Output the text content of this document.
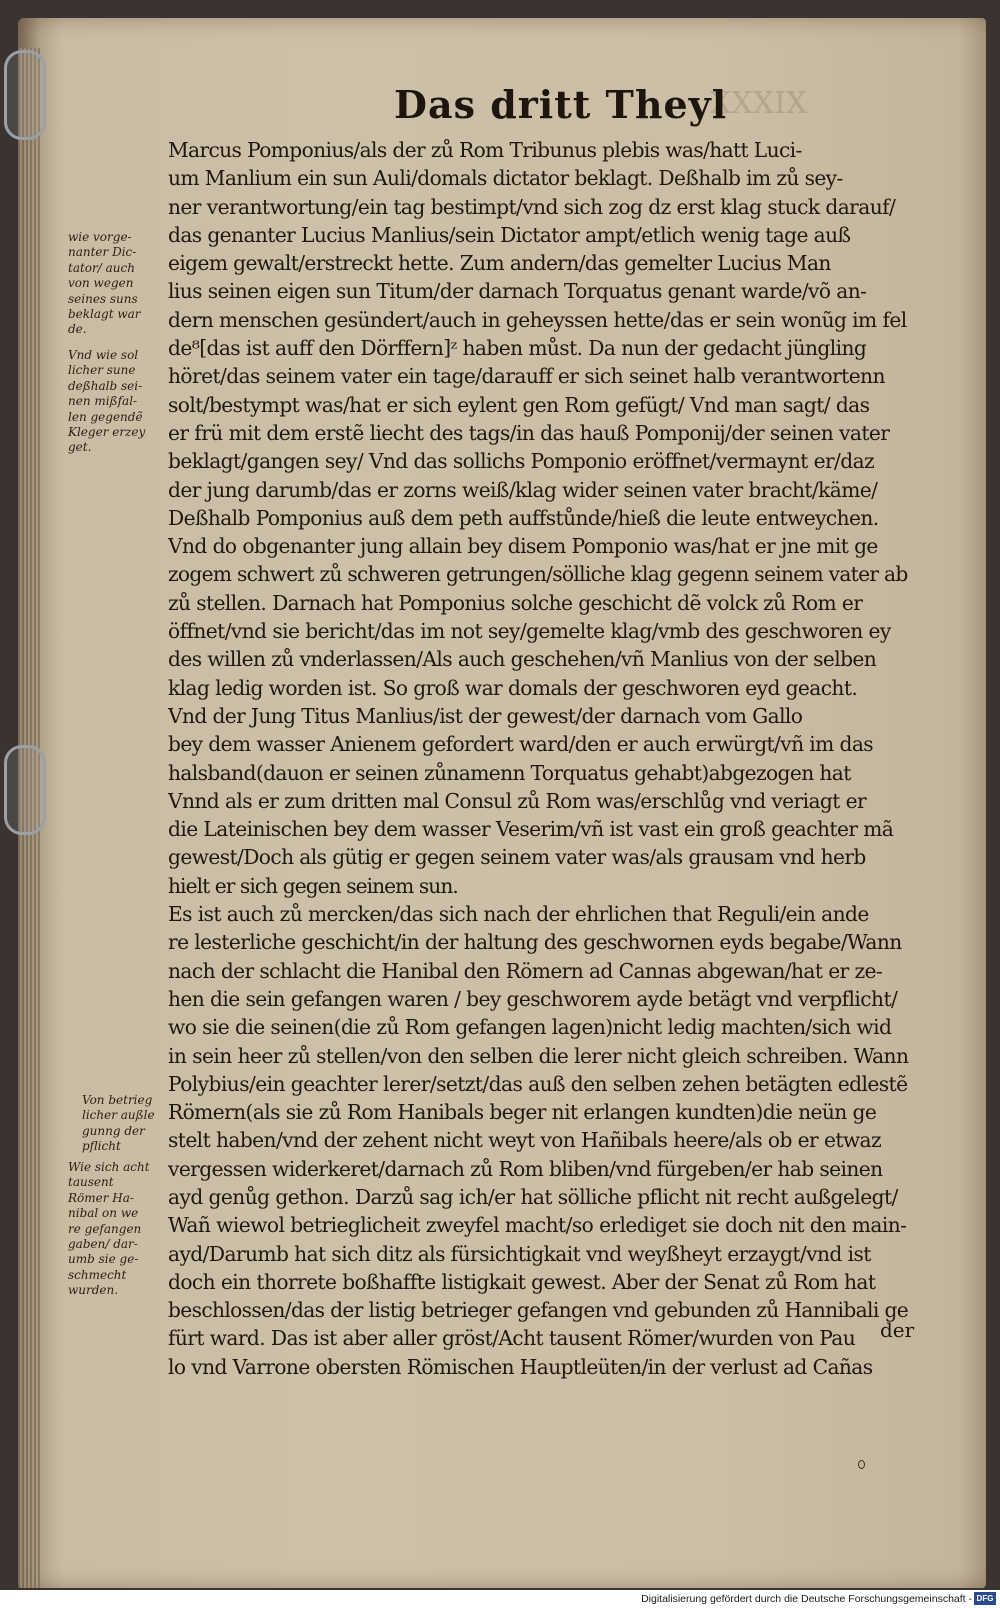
XXXIX
Das dritt Theyl
Marcus Pomponius/als der zů Rom Tribunus plebis was/hatt Luci-
um Manlium ein sun Auli/domals dictator beklagt. Deßhalb im zů sey-
ner verantwortung/ein tag bestimpt/vnd sich zog dz erst klag stuck darauf/
das genanter Lucius Manlius/sein Dictator ampt/etlich wenig tage auß
eigem gewalt/erstreckt hette. Zum andern/das gemelter Lucius Man
lius seinen eigen sun Titum/der darnach Torquatus genant warde/võ an-
dern menschen gesündert/auch in geheyssen hette/das er sein wonũg im fel
de⁸[das ist auff den Dörffern]ᶻ haben můst. Da nun der gedacht jüngling
höret/das seinem vater ein tage/darauff er sich seinet halb verantwortenn
solt/bestympt was/hat er sich eylent gen Rom gefügt/ Vnd man sagt/ das
er frü mit dem erstẽ liecht des tags/in das hauß Pomponij/der seinen vater
beklagt/gangen sey/ Vnd das sollichs Pomponio eröffnet/vermaynt er/daz
der jung darumb/das er zorns weiß/klag wider seinen vater bracht/käme/
Deßhalb Pomponius auß dem peth auffstůnde/hieß die leute entweychen.
Vnd do obgenanter jung allain bey disem Pomponio was/hat er jne mit ge
zogem schwert zů schweren getrungen/sölliche klag gegenn seinem vater ab
zů stellen. Darnach hat Pomponius solche geschicht dẽ volck zů Rom er
öffnet/vnd sie bericht/das im not sey/gemelte klag/vmb des geschworen ey
des willen zů vnderlassen/Als auch geschehen/vñ Manlius von der selben
klag ledig worden ist. So groß war domals der geschworen eyd geacht.
Vnd der Jung Titus Manlius/ist der gewest/der darnach vom Gallo
bey dem wasser Anienem gefordert ward/den er auch erwürgt/vñ im das
halsband(dauon er seinen zůnamenn Torquatus gehabt)abgezogen hat
Vnnd als er zum dritten mal Consul zů Rom was/erschlůg vnd veriagt er
die Lateinischen bey dem wasser Veserim/vñ ist vast ein groß geachter mã
gewest/Doch als gütig er gegen seinem vater was/als grausam vnd herb
hielt er sich gegen seinem sun.
Es ist auch zů mercken/das sich nach der ehrlichen that Reguli/ein ande
re lesterliche geschicht/in der haltung des geschwornen eyds begabe/Wann
nach der schlacht die Hanibal den Römern ad Cannas abgewan/hat er ze-
hen die sein gefangen waren / bey geschworem ayde betägt vnd verpflicht/
wo sie die seinen(die zů Rom gefangen lagen)nicht ledig machten/sich wid
in sein heer zů stellen/von den selben die lerer nicht gleich schreiben. Wann
Polybius/ein geachter lerer/setzt/das auß den selben zehen betägten edlestẽ
Römern(als sie zů Rom Hanibals beger nit erlangen kundten)die neün ge
stelt haben/vnd der zehent nicht weyt von Hañibals heere/als ob er etwaz
vergessen widerkeret/darnach zů Rom bliben/vnd fürgeben/er hab seinen
ayd genůg gethon. Darzů sag ich/er hat sölliche pflicht nit recht außgelegt/
Wañ wiewol betrieglicheit zweyfel macht/so erlediget sie doch nit den main-
ayd/Darumb hat sich ditz als fürsichtigkait vnd weyßheyt erzaygt/vnd ist
doch ein thorrete boßhaffte listigkait gewest. Aber der Senat zů Rom hat
beschlossen/das der listig betrieger gefangen vnd gebunden zů Hannibali ge
fürt ward. Das ist aber aller gröst/Acht tausent Römer/wurden von Pau
lo vnd Varrone obersten Römischen Hauptleüten/in der verlust ad Cañas
der
wie vorge- nanter Dic- tator/ auch von wegen seines suns beklagt war de.
Vnd wie sol licher sune deßhalb sei- nen mißfal- len gegendẽ Kleger erzey get.
Von betrieg licher außle gunng der pflicht
Wie sich acht tausent Römer Ha- nibal on we re gefangen gaben/ dar- umb sie ge- schmecht wurden.
Digitalisierung gefördert durch die Deutsche Forschungsgemeinschaft - DFG
